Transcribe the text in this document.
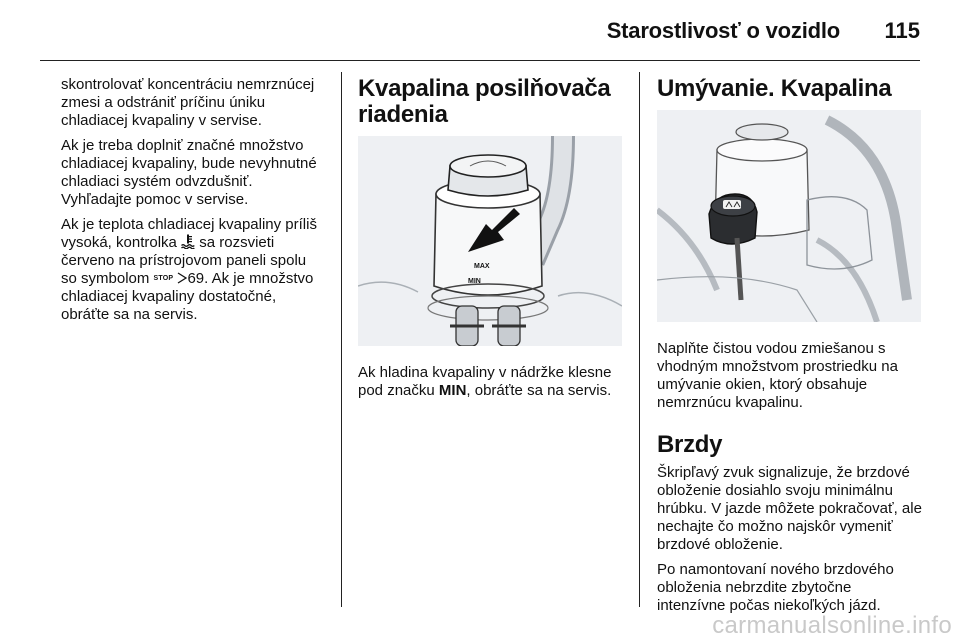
Starostlivosť o vozidlo 115

skontrolovať koncentráciu nemrznúcej zmesi a odstrániť príčinu úniku chladiacej kvapaliny v servise.

Ak je treba doplniť značné množstvo chladiacej kvapaliny, bude nevyhnutné chladiaci systém odvzdušniť. Vyhľadajte pomoc v servise.

Ak je teplota chladiacej kvapaliny príliš vysoká, kontrolka sa rozsvieti červeno na prístrojovom paneli spolu so symbolom STOP 69. Ak je množstvo chladiacej kvapaliny dostatočné, obráťte sa na servis.

Kvapalina posilňovača riadenia
MAX
MIN

Ak hladina kvapaliny v nádržke klesne pod značku MIN, obráťte sa na servis.

Umývanie. Kvapalina

Naplňte čistou vodou zmiešanou s vhodným množstvom prostriedku na umývanie okien, ktorý obsahuje nemrznúcu kvapalinu.

Brzdy

Škripľavý zvuk signalizuje, že brzdové obloženie dosiahlo svoju minimálnu hrúbku. V jazde môžete pokračovať, ale nechajte čo možno najskôr vymeniť brzdové obloženie.

Po namontovaní nového brzdového obloženia nebrzdite zbytočne intenzívne počas niekoľkých jázd.

carmanualsonline.info
